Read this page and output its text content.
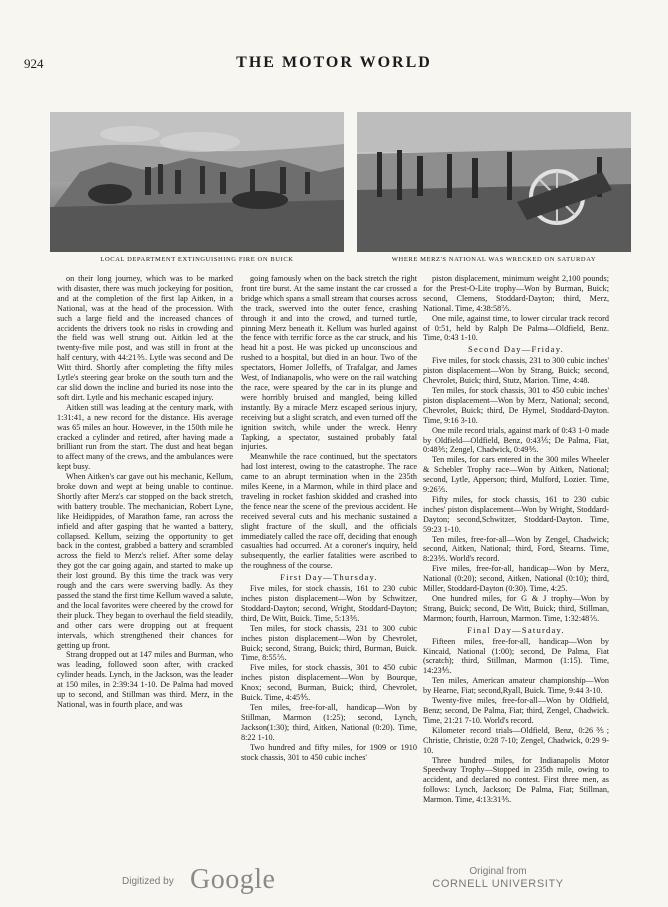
924	THE MOTOR WORLD
LOCAL DEPARTMENT EXTINGUISHING FIRE ON BUICK	WHERE MERZ'S NATIONAL WAS WRECKED ON SATURDAY

on their long journey, which was to be marked with disaster, there was much jockeying for position, and at the completion of the first lap Aitken, in a National, was at the head of the procession. With such a large field and the increased chances of accidents the drivers took no risks in crowding and the field was well strung out. Aitkin led at the twenty-five mile post, and was still in front at the half century, with 44:21⅗. Lytle was second and De Witt third. Shortly after completing the fifty miles Lytle's steering gear broke on the south turn and the car slid down the incline and buried its nose into the soft dirt. Lytle and his mechanic escaped injury.

Aitken still was leading at the century mark, with 1:31:41, a new record for the distance. His average was 65 miles an hour. However, in the 150th mile he cracked a cylinder and retired, after having made a brilliant run from the start. The dust and heat began to affect many of the crews, and the ambulances were kept busy.

When Aitken's car gave out his mechanic, Kellum, broke down and wept at being unable to continue. Shortly after Merz's car stopped on the back stretch, with battery trouble. The mechanician, Robert Lyne, like Heidippides, of Marathon fame, ran across the infield and after gasping that he wanted a battery, collapsed. Kellum, seizing the opportunity to get back in the contest, grabbed a battery and scrambled across the field to Merz's relief. After some delay they got the car going again, and started to make up their lost ground. By this time the track was very rough and the cars were swerving badly. As they passed the stand the first time Kellum waved a salute, and the local favorites were cheered by the crowd for their pluck. They began to overhaul the field steadily, and other cars were dropping out at frequent intervals, which strengthened their chances for getting up front.

Strang dropped out at 147 miles and Burman, who was leading, followed soon after, with cracked cylinder heads. Lynch, in the Jackson, was the leader at 150 miles, in 2:39:34 1-10. De Palma had moved up to second, and Stillman was third. Merz, in the National, was in fourth place, and was

going famously when on the back stretch the right front tire burst. At the same instant the car crossed a bridge which spans a small stream that courses across the track, swerved into the outer fence, crashing through it and into the crowd, and turned turtle, pinning Merz beneath it. Kellum was hurled against the fence with terrific force as the car struck, and his head hit a post. He was picked up unconscious and rushed to a hospital, but died in an hour. Two of the spectators, Homer Jolleffs, of Trafalgar, and James West, of Indianapolis, who were on the rail watching the race, were speared by the car in its plunge and were horribly bruised and mangled, being killed instantly. By a miracle Merz escaped serious injury, receiving but a slight scratch, and even turned off the ignition switch, while under the wreck. Henry Tapking, a spectator, sustained probably fatal injuries.

Meanwhile the race continued, but the spectators had lost interest, owing to the catastrophe. The race came to an abrupt termination when in the 235th miles Keene, in a Marmon, while in third place and traveling in rocket fashion skidded and crashed into the fence near the scene of the previous accident. He received several cuts and his mechanic sustained a slight fracture of the skull, and the officials immediately called the race off, deciding that enough casualties had occurred. At a coroner's inquiry, held subsequently, the earlier fatalities were ascribed to the roughness of the course.

First Day—Thursday.

Five miles, for stock chassis, 161 to 230 cubic inches piston displacement—Won by Schwitzer, Stoddard-Dayton; second, Wright, Stoddard-Dayton; third, De Witt, Buick. Time, 5:13⅗.

Ten miles, for stock chassis, 231 to 300 cubic inches piston displacement—Won by Chevrolet, Buick; second, Strang, Buick; third, Burman, Buick. Time, 8:55⅖.

Five miles, for stock chassis, 301 to 450 cubic inches piston displacement—Won by Bourque, Knox; second, Burman, Buick; third, Chevrolet, Buick. Time, 4:45⅘.

Ten miles, free-for-all, handicap—Won by Stillman, Marmon (1:25); second, Lynch, Jackson(1:30); third, Aitken, National (0:20). Time, 8:22 1-10.

Two hundred and fifty miles, for 1909 or 1910 stock chassis, 301 to 450 cubic inches'

piston displacement, minimum weight 2,100 pounds; for the Prest-O-Lite trophy—Won by Burman, Buick; second, Clemens, Stoddard-Dayton; third, Merz, National. Time, 4:38:58⅖.

One mile, against time, to lower circular track record of 0:51, held by Ralph De Palma—Oldfield, Benz. Time, 0:43 1-10.

Second Day—Friday.

Five miles, for stock chassis, 231 to 300 cubic inches' piston displacement—Won by Strang, Buick; second, Chevrolet, Buick; third, Stutz, Marion. Time, 4:48.

Ten miles, for stock chassis, 301 to 450 cubic inches' piston displacement—Won by Merz, National; second, Chevrolet, Buick; third, De Hymel, Stoddard-Dayton. Time, 9:16 3-10.

One mile record trials, against mark of 0:43 1-0 made by Oldfield—Oldfield, Benz, 0:43⅕; De Palma, Fiat, 0:48⅗; Zengel, Chadwick, 0:49⅗.

Ten miles, for cars entered in the 300 miles Wheeler & Schebler Trophy race—Won by Aitken, National; second, Lytle, Apperson; third, Mulford, Lozier. Time, 9:26⅖.

Fifty miles, for stock chassis, 161 to 230 cubic inches' piston displacement—Won by Wright, Stoddard-Dayton; second,Schwitzer, Stoddard-Dayton. Time, 59:23 1-10.

Ten miles, free-for-all—Won by Zengel, Chadwick; second, Aitken, National; third, Ford, Stearns. Time, 8:23⅗. World's record.

Five miles, free-for-all, handicap—Won by Merz, National (0:20); second, Aitken, National (0:10); third, Miller, Stoddard-Dayton (0:30). Time, 4:25.

One hundred miles, for G & J trophy—Won by Strang, Buick; second, De Witt, Buick; third, Stillman, Marmon; fourth, Harroun, Marmon. Time, 1:32:48⅖.

Final Day—Saturday.

Fifteen miles, free-for-all, handicap—Won by Kincaid, National (1:00); second, De Palma, Fiat (scratch); third, Stillman, Marmon (1:15). Time, 14:23⅘.

Ten miles, American amateur championship—Won by Hearne, Fiat; second,Ryall, Buick. Time, 9:44 3-10.

Twenty-five miles, free-for-all—Won by Oldfield, Benz; second, De Palma, Fiat; third, Zengel, Chadwick. Time, 21:21 7-10. World's record.

Kilometer record trials—Oldfield, Benz, 0:26⅗; Christie, Christie, 0:28 7-10; Zengel, Chadwick, 0:29 9-10.

Three hundred miles, for Indianapolis Motor Speedway Trophy—Stopped in 235th mile, owing to accident, and declared no contest. First three men, as follows: Lynch, Jackson; De Palma, Fiat; Stillman, Marmon. Time, 4:13:31⅗.

Digitized by Google	Original from
CORNELL UNIVERSITY
